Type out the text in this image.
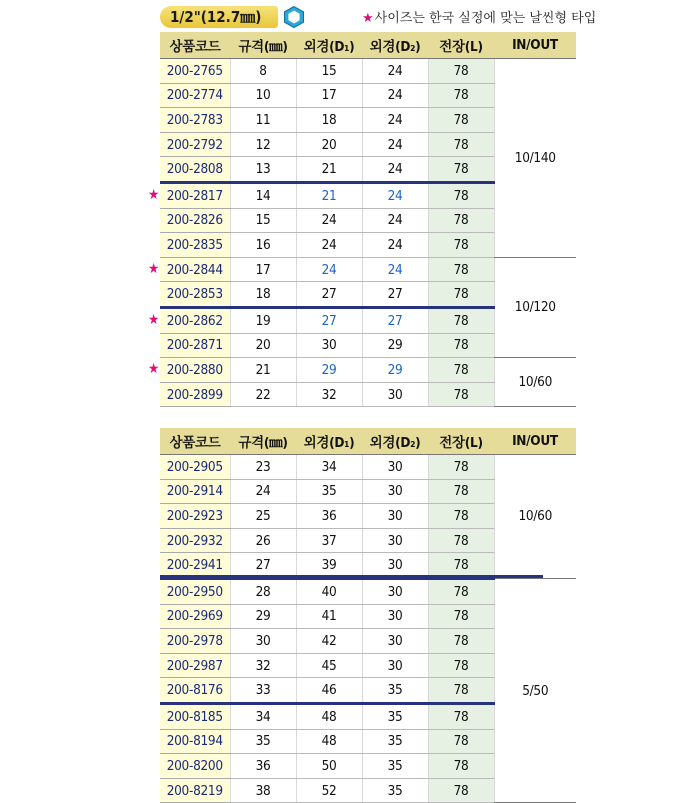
1/2"(12.7㎜)	★사이즈는 한국 실정에 맞는 날씬형 타입
상품코드	규격(㎜)	외경(D₁)	외경(D₂)	전장(L)	IN/OUT
200-2765	8	15	24	78	10/140
200-2774	10	17	24	78	
200-2783	11	18	24	78	
200-2792	12	20	24	78	
200-2808	13	21	24	78	

★ 200-2817	14	21	24	78	
200-2826	15	24	24	78	
200-2835	16	24	24	78	

★ 200-2844	17	24	24	78	10/120
200-2853	18	27	27	78	

★ 200-2862	19	27	27	78	
200-2871	20	30	29	78	

★ 200-2880	21	29	29	78	10/60
200-2899	22	32	30	78	
상품코드	규격(㎜)	외경(D₁)	외경(D₂)	전장(L)	IN/OUT
200-2905	23	34	30	78	10/60
200-2914	24	35	30	78	
200-2923	25	36	30	78	
200-2932	26	37	30	78	
200-2941	27	39	30	78	
200-2950	28	40	30	78	5/50
200-2969	29	41	30	78	
200-2978	30	42	30	78	
200-2987	32	45	30	78	
200-8176	33	46	35	78	
200-8185	34	48	35	78	
200-8194	35	48	35	78	
200-8200	36	50	35	78	
200-8219	38	52	35	78	
